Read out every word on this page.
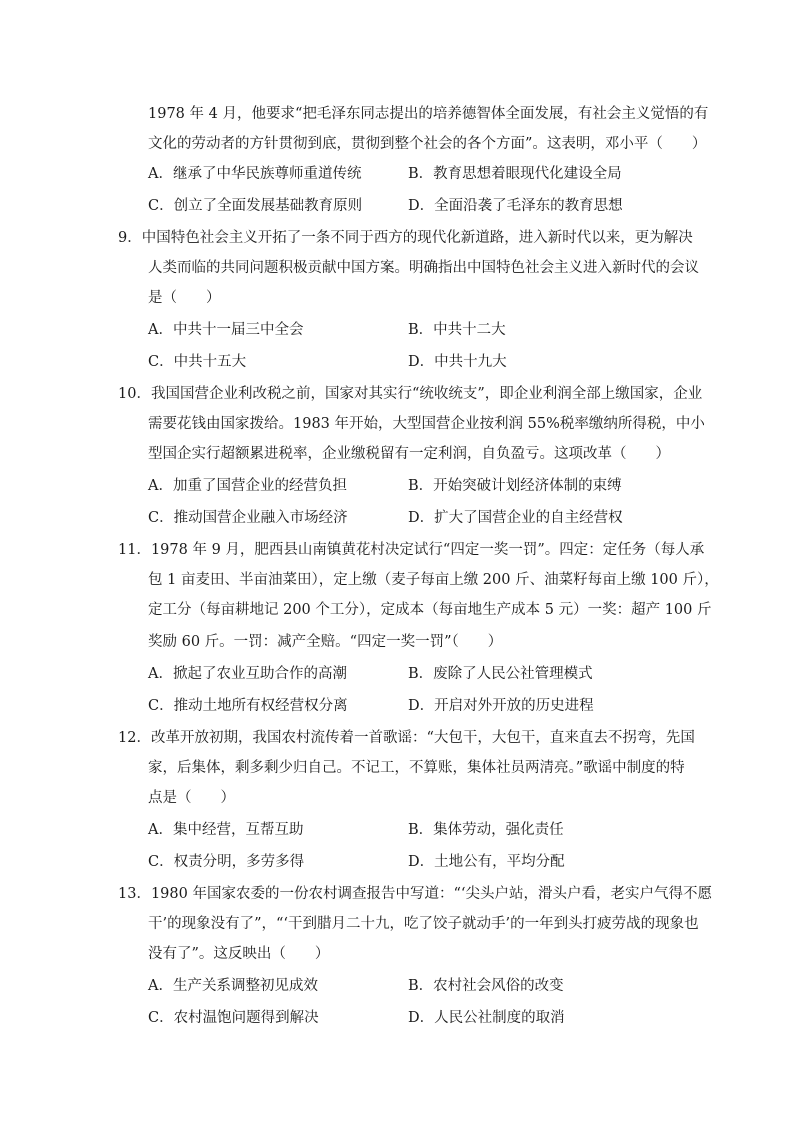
1978 年 4 月，他要求“把毛泽东同志提出的培养德智体全面发展，有社会主义觉悟的有
文化的劳动者的方针贯彻到底，贯彻到整个社会的各个方面”。这表明，邓小平（　　）
A．继承了中华民族尊师重道传统	B．教育思想着眼现代化建设全局
C．创立了全面发展基础教育原则	D．全面沿袭了毛泽东的教育思想
9．中国特色社会主义开拓了一条不同于西方的现代化新道路，进入新时代以来，更为解决
人类而临的共同问题积极贡献中国方案。明确指出中国特色社会主义进入新时代的会议
是（　　）
A．中共十一届三中全会	B．中共十二大
C．中共十五大	D．中共十九大
10．我国国营企业利改税之前，国家对其实行“统收统支”，即企业利润全部上缴国家，企业
需要花钱由国家拨给。1983 年开始，大型国营企业按利润 55%税率缴纳所得税，中小
型国企实行超额累进税率，企业缴税留有一定利润，自负盈亏。这项改革（　　）
A．加重了国营企业的经营负担	B．开始突破计划经济体制的束缚
C．推动国营企业融入市场经济	D．扩大了国营企业的自主经营权
11．1978 年 9 月，肥西县山南镇黄花村决定试行“四定一奖一罚”。四定：定任务（每人承
包 1 亩麦田、半亩油菜田），定上缴（麦子每亩上缴 200 斤、油菜籽每亩上缴 100 斤），
定工分（每亩耕地记 200 个工分），定成本（每亩地生产成本 5 元）一奖：超产 100 斤
奖励 60 斤。一罚：减产全赔。“四定一奖一罚”（　　）
A．掀起了农业互助合作的高潮	B．废除了人民公社管理模式
C．推动土地所有权经营权分离	D．开启对外开放的历史进程
12．改革开放初期，我国农村流传着一首歌谣：“大包干，大包干，直来直去不拐弯，先国
家，后集体，剩多剩少归自己。不记工，不算账，集体社员两清亮。”歌谣中制度的特
点是（　　）
A．集中经营，互帮互助	B．集体劳动，强化责任
C．权责分明，多劳多得	D．土地公有，平均分配
13．1980 年国家农委的一份农村调查报告中写道：“‘尖头户站，滑头户看，老实户气得不愿
干’的现象没有了”，“‘干到腊月二十九，吃了饺子就动手’的一年到头打疲劳战的现象也
没有了”。这反映出（　　）
A．生产关系调整初见成效	B．农村社会风俗的改变
C．农村温饱问题得到解决	D．人民公社制度的取消
